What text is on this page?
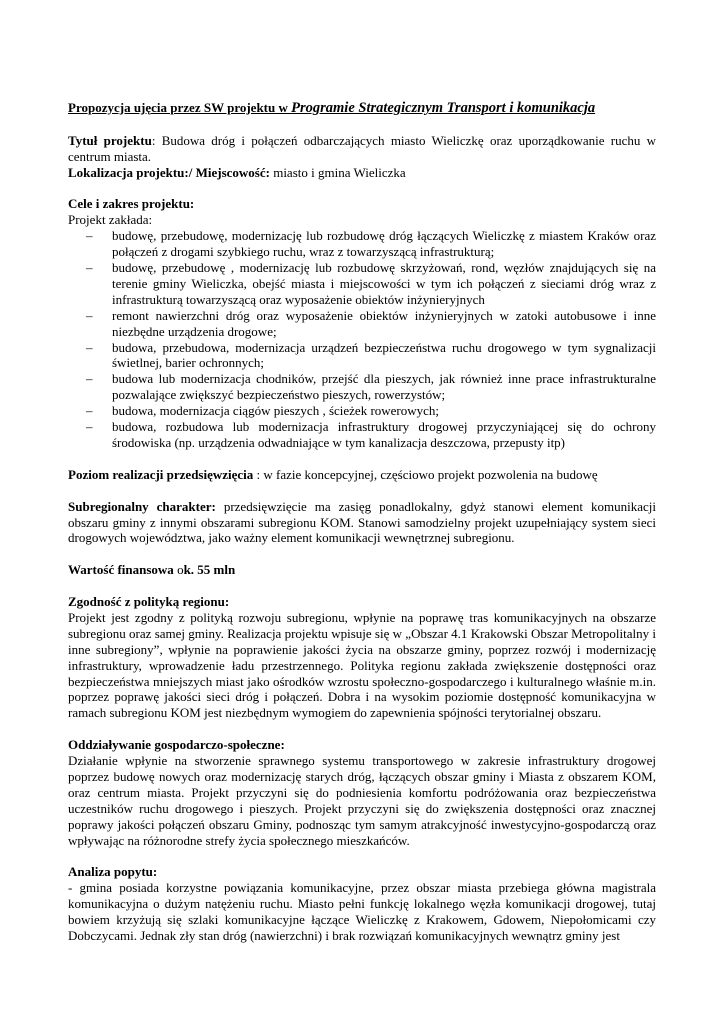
Propozycja ujęcia przez SW projektu w Programie Strategicznym Transport i komunikacja

Tytuł projektu: Budowa dróg i połączeń odbarczających miasto Wieliczkę oraz uporządkowanie ruchu w centrum miasta.

Lokalizacja projektu:/ Miejscowość: miasto i gmina Wieliczka

Cele i zakres projektu:

Projekt zakłada:

– budowę, przebudowę, modernizację lub rozbudowę dróg łączących Wieliczkę z miastem Kraków oraz połączeń z drogami szybkiego ruchu, wraz z towarzyszącą infrastrukturą;
– budowę, przebudowę , modernizację lub rozbudowę skrzyżowań, rond, węzłów znajdujących się na terenie gminy Wieliczka, obejść miasta i miejscowości w tym ich połączeń z sieciami dróg wraz z infrastrukturą towarzyszącą oraz wyposażenie obiektów inżynieryjnych
– remont nawierzchni dróg oraz wyposażenie obiektów inżynieryjnych w zatoki autobusowe i inne niezbędne urządzenia drogowe;
– budowa, przebudowa, modernizacja urządzeń bezpieczeństwa ruchu drogowego w tym sygnalizacji świetlnej, barier ochronnych;
– budowa lub modernizacja chodników, przejść dla pieszych, jak również inne prace infrastrukturalne pozwalające zwiększyć bezpieczeństwo pieszych, rowerzystów;
– budowa, modernizacja ciągów pieszych , ścieżek rowerowych;
– budowa, rozbudowa lub modernizacja infrastruktury drogowej przyczyniającej się do ochrony środowiska (np. urządzenia odwadniające w tym kanalizacja deszczowa, przepusty itp)

Poziom realizacji przedsięwzięcia : w fazie koncepcyjnej, częściowo projekt pozwolenia na budowę

Subregionalny charakter: przedsięwzięcie ma zasięg ponadlokalny, gdyż stanowi element komunikacji obszaru gminy z innymi obszarami subregionu KOM. Stanowi samodzielny projekt uzupełniający system sieci drogowych województwa, jako ważny element komunikacji wewnętrznej subregionu.

Wartość finansowa ok. 55 mln

Zgodność z polityką regionu:

Projekt jest zgodny z polityką rozwoju subregionu, wpłynie na poprawę tras komunikacyjnych na obszarze subregionu oraz samej gminy. Realizacja projektu wpisuje się w „Obszar 4.1 Krakowski Obszar Metropolitalny i inne subregiony”, wpłynie na poprawienie jakości życia na obszarze gminy, poprzez rozwój i modernizację infrastruktury, wprowadzenie ładu przestrzennego. Polityka regionu zakłada zwiększenie dostępności oraz bezpieczeństwa mniejszych miast jako ośrodków wzrostu społeczno-gospodarczego i kulturalnego właśnie m.in. poprzez poprawę jakości sieci dróg i połączeń. Dobra i na wysokim poziomie dostępność komunikacyjna w ramach subregionu KOM jest niezbędnym wymogiem do zapewnienia spójności terytorialnej obszaru.

Oddziaływanie gospodarczo-społeczne:

Działanie wpłynie na stworzenie sprawnego systemu transportowego w zakresie infrastruktury drogowej poprzez budowę nowych oraz modernizację starych dróg, łączących obszar gminy i Miasta z obszarem KOM, oraz centrum miasta. Projekt przyczyni się do podniesienia komfortu podróżowania oraz bezpieczeństwa uczestników ruchu drogowego i pieszych. Projekt przyczyni się do zwiększenia dostępności oraz znacznej poprawy jakości połączeń obszaru Gminy, podnosząc tym samym atrakcyjność inwestycyjno-gospodarczą oraz wpływając na różnorodne strefy życia społecznego mieszkańców.

Analiza popytu:

- gmina posiada korzystne powiązania komunikacyjne, przez obszar miasta przebiega główna magistrala komunikacyjna o dużym natężeniu ruchu. Miasto pełni funkcję lokalnego węzła komunikacji drogowej, tutaj bowiem krzyżują się szlaki komunikacyjne łączące Wieliczkę z Krakowem, Gdowem, Niepołomicami czy Dobczycami. Jednak zły stan dróg (nawierzchni) i brak rozwiązań komunikacyjnych wewnątrz gminy jest
